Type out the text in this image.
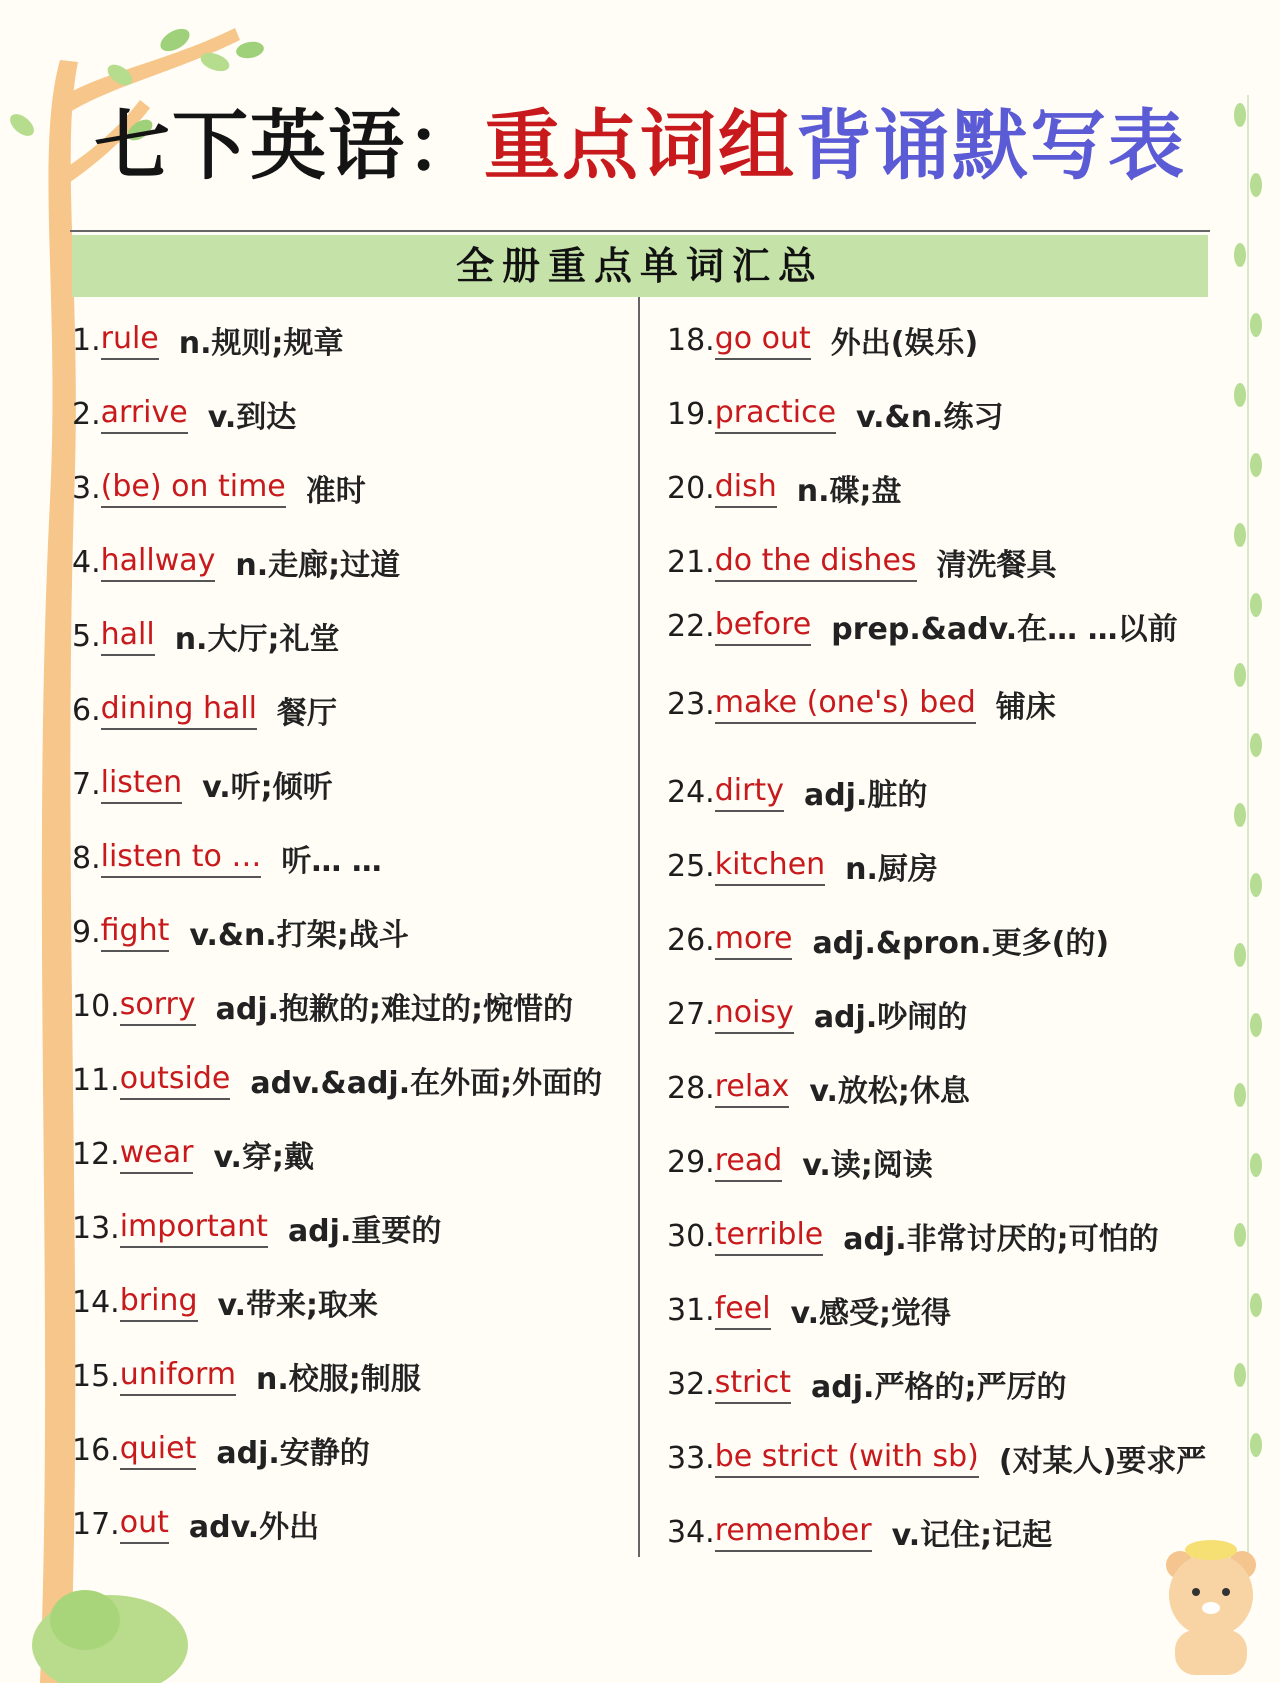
七下英语：重点词组背诵默写表
全册重点单词汇总
1. rule n.规则;规章
2. arrive v.到达
3. (be) on time 准时
4. hallway n.走廊;过道
5. hall n.大厅;礼堂
6. dining hall 餐厅
7. listen v.听;倾听
8. listen to … 听… …
9. fight v.&n.打架;战斗
10. sorry adj.抱歉的;难过的;惋惜的
11. outside adv.&adj.在外面;外面的
12. wear v.穿;戴
13. important adj.重要的
14. bring v.带来;取来
15. uniform n.校服;制服
16. quiet adj.安静的
17. out adv.外出
18. go out 外出(娱乐)
19. practice v.&n.练习
20. dish n.碟;盘
21. do the dishes 清洗餐具
22. before prep.&adv.在… …以前
23. make (one's) bed 铺床
24. dirty adj.脏的
25. kitchen n.厨房
26. more adj.&pron.更多(的)
27. noisy adj.吵闹的
28. relax v.放松;休息
29. read v.读;阅读
30. terrible adj.非常讨厌的;可怕的
31. feel v.感受;觉得
32. strict adj.严格的;严厉的
33. be strict (with sb) (对某人)要求严
34. remember v.记住;记起
